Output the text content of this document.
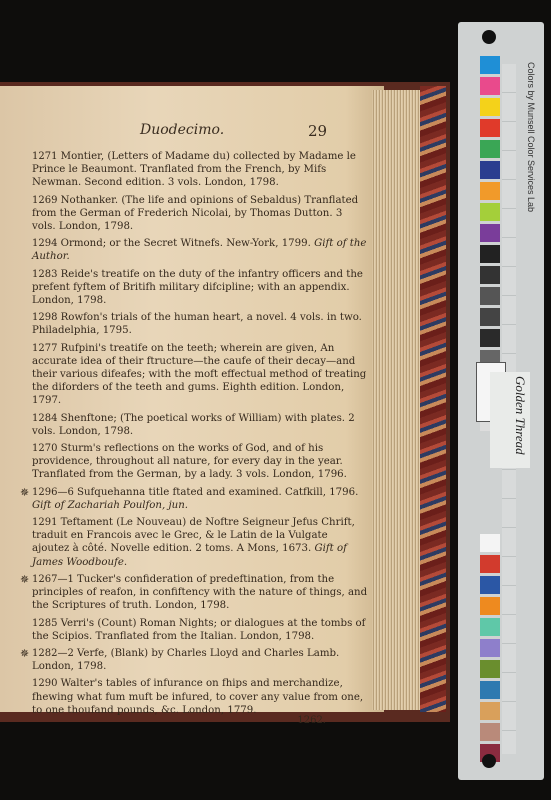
Duodecimo.	29
1271 Montier, (Letters of Madame du) collected by Madame le Prince le Beaumont. Tranflated from the French, by Mifs Newman. Second edition. 3 vols. London, 1798.
1269 Nothanker. (The life and opinions of Sebaldus) Tranflated from the German of Frederich Nicolai, by Thomas Dutton. 3 vols. London, 1798.
1294 Ormond; or the Secret Witnefs. New-York, 1799. Gift of the Author.
1283 Reide's treatife on the duty of the infantry officers and the prefent fyftem of Britifh military difcipline; with an appendix. London, 1798.
1298 Rowfon's trials of the human heart, a novel. 4 vols. in two. Philadelphia, 1795.
1277 Rufpini's treatife on the teeth; wherein are given, An accurate idea of their ftructure—the caufe of their decay—and their various difeafes; with the moft effectual method of treating the diforders of the teeth and gums. Eighth edition. London, 1797.
1284 Shenftone; (The poetical works of William) with plates. 2 vols. London, 1798.
1270 Sturm's reflections on the works of God, and of his providence, throughout all nature, for every day in the year. Tranflated from the German, by a lady. 3 vols. London, 1796.
✵ 1296—6 Sufquehanna title ftated and examined. Catfkill, 1796. Gift of Zachariah Poulfon, jun.
1291 Teftament (Le Nouveau) de Noftre Seigneur Jefus Chrift, traduit en Francois avec le Grec, & le Latin de la Vulgate ajoutez à côté. Novelle edition. 2 toms. A Mons, 1673. Gift of James Woodboufe.
✵ 1267—1 Tucker's confideration of predeftination, from the principles of reafon, in confiftency with the nature of things, and the Scriptures of truth. London, 1798.
1285 Verri's (Count) Roman Nights; or dialogues at the tombs of the Scipios. Tranflated from the Italian. London, 1798.
✵ 1282—2 Verfe, (Blank) by Charles Lloyd and Charles Lamb. London, 1798.
1290 Walter's tables of infurance on fhips and merchandize, fhewing what fum muft be infured, to cover any value from one, to one thoufand pounds, &c. London, 1779.
1262.
Colors by Munsell Color Services Lab
Golden Thread
